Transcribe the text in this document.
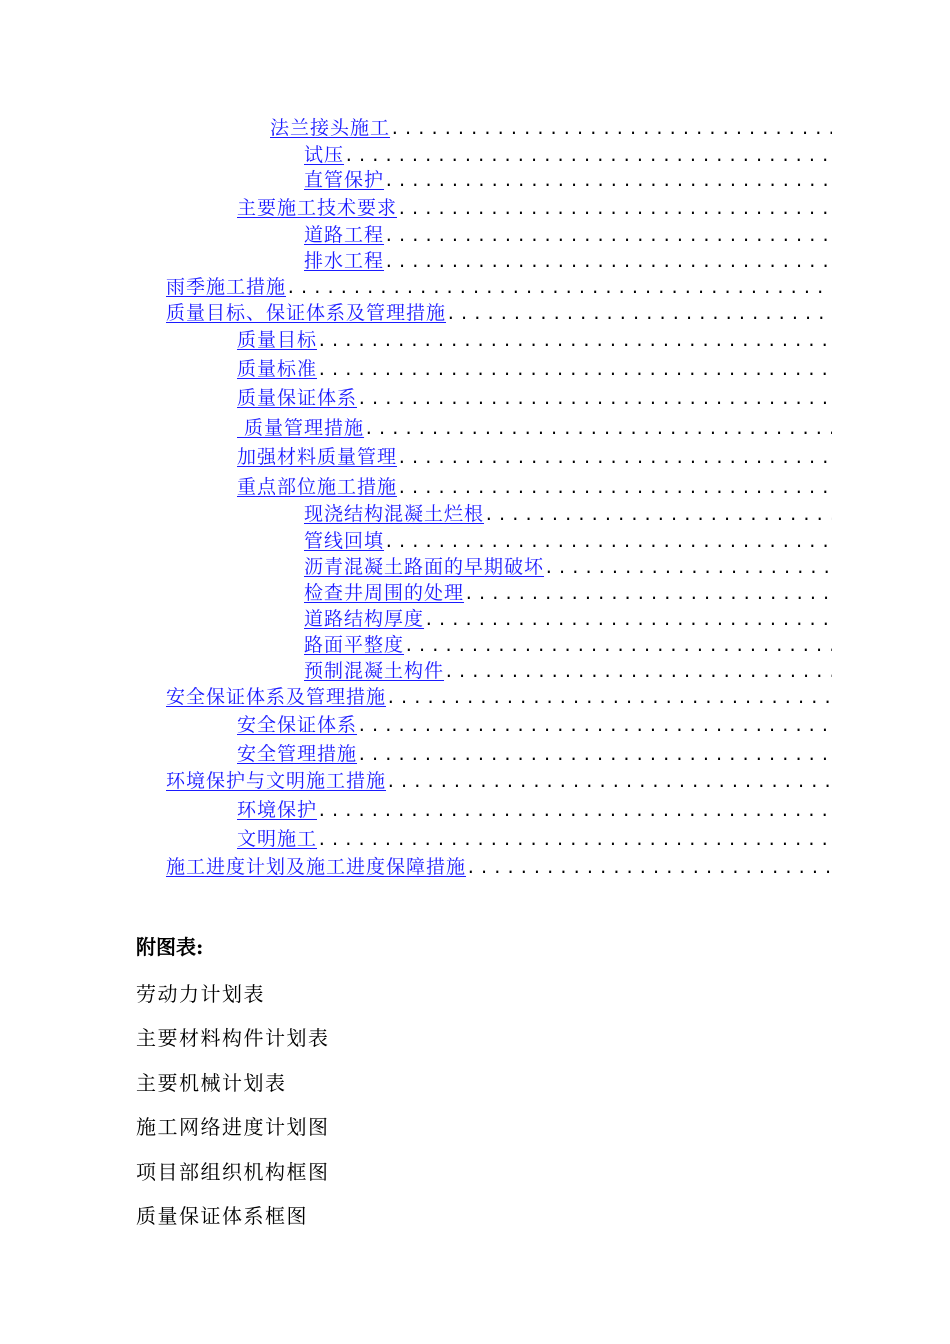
法兰接头施工
.....
试压
.....
直管保护
.....
主要施工技术要求
.....
道路工程
.....
排水工程
.....
雨季施工措施
.....
质量目标、保证体系及管理措施
.....
质量目标
.....
质量标准
.....
质量保证体系
.....
质量管理措施
.....
加强材料质量管理
.....
重点部位施工措施
.....
现浇结构混凝土烂根
.....
管线回填
.....
沥青混凝土路面的早期破坏
.....
检查井周围的处理
.....
道路结构厚度
.....
路面平整度
.....
预制混凝土构件
.....
安全保证体系及管理措施
.....
安全保证体系
.....
安全管理措施
.....
环境保护与文明施工措施
.....
环境保护
.....
文明施工
.....
施工进度计划及施工进度保障措施
.....
附图表:
劳动力计划表
主要材料构件计划表
主要机械计划表
施工网络进度计划图
项目部组织机构框图
质量保证体系框图
